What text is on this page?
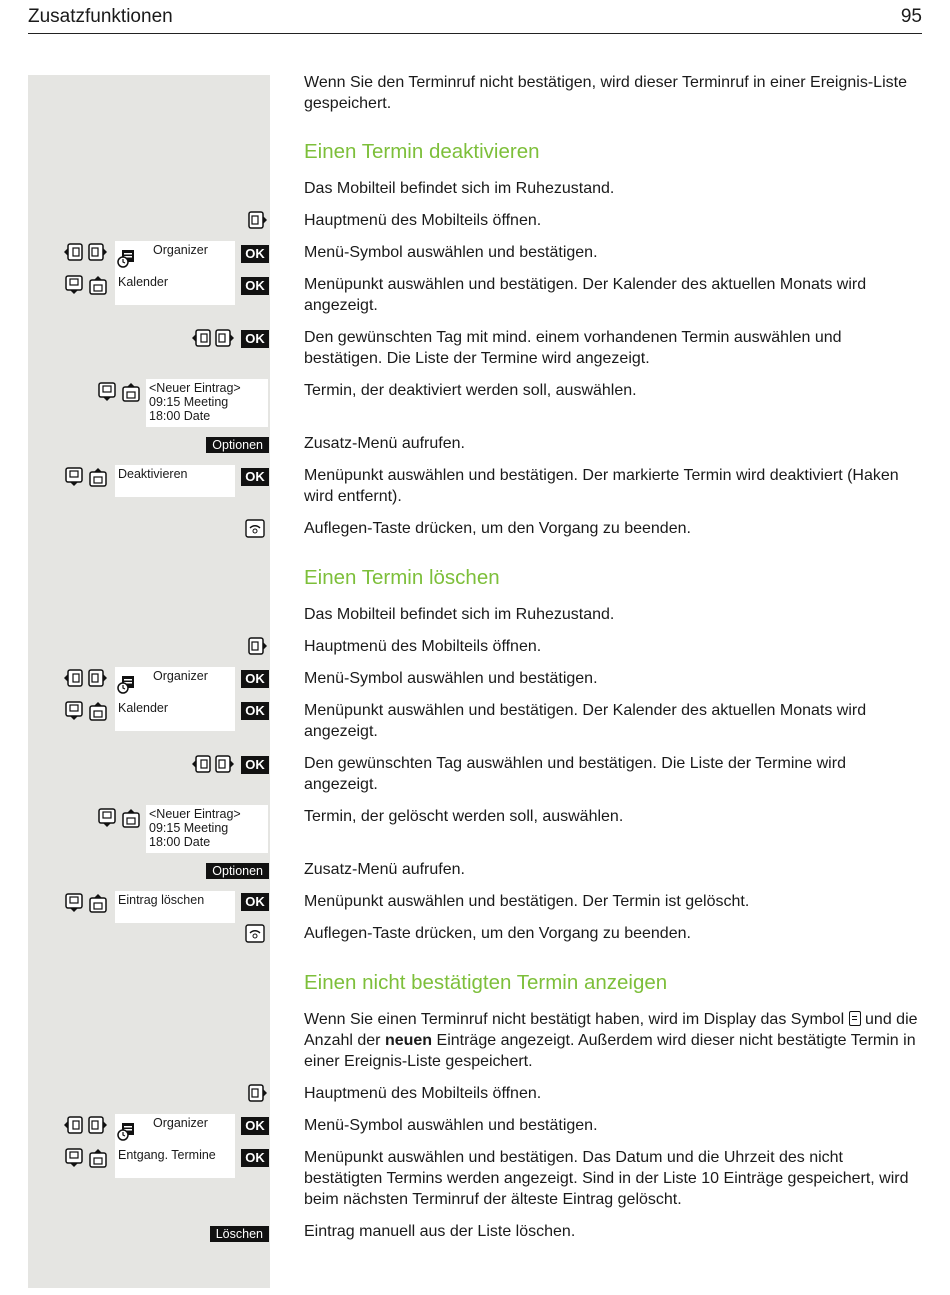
Zusatzfunktionen	95
Wenn Sie den Terminruf nicht bestätigen, wird dieser Terminruf in einer Ereignis-Liste gespeichert.
Einen Termin deaktivieren
Das Mobilteil befindet sich im Ruhezustand.
Hauptmenü des Mobilteils öffnen.
Organizer	OK Menü-Symbol auswählen und bestätigen.
Kalender	OK Menüpunkt auswählen und bestätigen. Der Kalender des aktuellen Monats wird angezeigt.
OK Den gewünschten Tag mit mind. einem vorhandenen Termin auswählen und bestätigen. Die Liste der Termine wird angezeigt.
<Neuer Eintrag>
09:15 Meeting
18:00 Date
Termin, der deaktiviert werden soll, auswählen.
Optionen	Zusatz-Menü aufrufen.
Deaktivieren	OK Menüpunkt auswählen und bestätigen. Der markierte Termin wird deaktiviert (Haken wird entfernt).
Auflegen-Taste drücken, um den Vorgang zu beenden.
Einen Termin löschen
Das Mobilteil befindet sich im Ruhezustand.
Hauptmenü des Mobilteils öffnen.
Organizer	OK Menü-Symbol auswählen und bestätigen.
Kalender	OK Menüpunkt auswählen und bestätigen. Der Kalender des aktuellen Monats wird angezeigt.
OK Den gewünschten Tag auswählen und bestätigen. Die Liste der Termine wird angezeigt.
<Neuer Eintrag>
09:15 Meeting
18:00 Date
Termin, der gelöscht werden soll, auswählen.
Optionen	Zusatz-Menü aufrufen.
Eintrag löschen	OK Menüpunkt auswählen und bestätigen. Der Termin ist gelöscht.
Auflegen-Taste drücken, um den Vorgang zu beenden.
Einen nicht bestätigten Termin anzeigen
Wenn Sie einen Terminruf nicht bestätigt haben, wird im Display das Symbol und die Anzahl der neuen Einträge angezeigt. Außerdem wird dieser nicht bestätigte Termin in einer Ereignis-Liste gespeichert.
Hauptmenü des Mobilteils öffnen.
Organizer	OK Menü-Symbol auswählen und bestätigen.
Entgang. Termine	OK Menüpunkt auswählen und bestätigen. Das Datum und die Uhrzeit des nicht bestätigten Termins werden angezeigt. Sind in der Liste 10 Einträge gespeichert, wird beim nächsten Terminruf der älteste Eintrag gelöscht.
Löschen	Eintrag manuell aus der Liste löschen.
